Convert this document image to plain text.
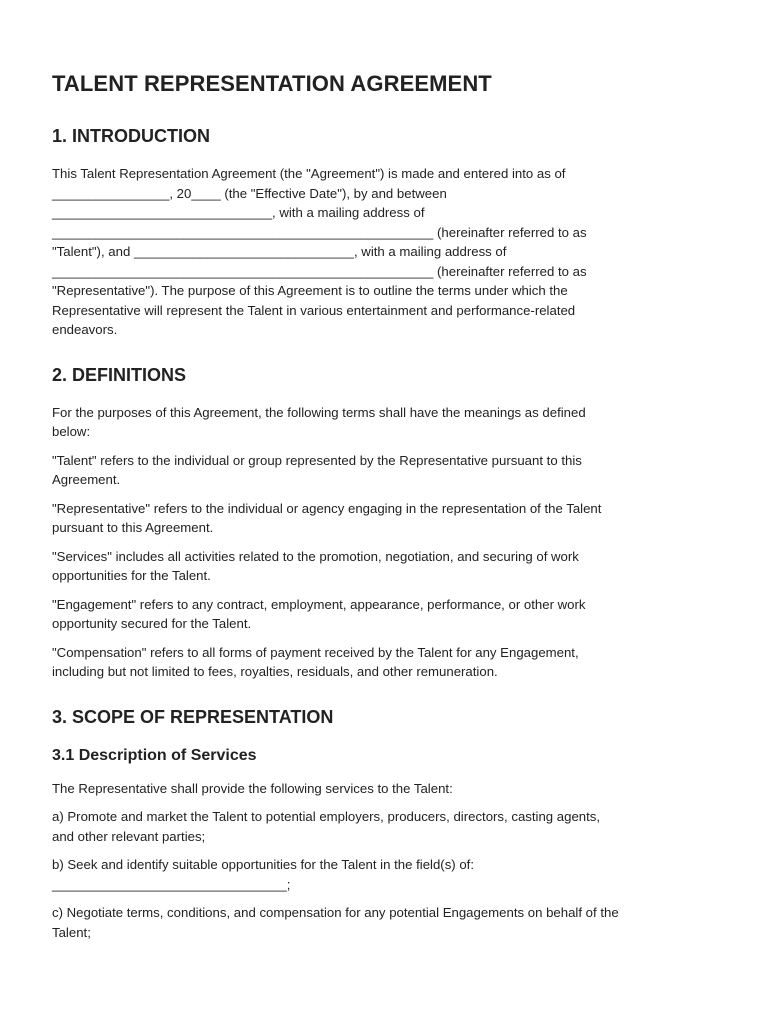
TALENT REPRESENTATION AGREEMENT
1. INTRODUCTION

This Talent Representation Agreement (the "Agreement") is made and entered into as of
________________, 20____ (the "Effective Date"), by and between
______________________________, with a mailing address of
____________________________________________________ (hereinafter referred to as
"Talent"), and ______________________________, with a mailing address of
____________________________________________________ (hereinafter referred to as
"Representative"). The purpose of this Agreement is to outline the terms under which the
Representative will represent the Talent in various entertainment and performance-related
endeavors.

2. DEFINITIONS

For the purposes of this Agreement, the following terms shall have the meanings as defined
below:

"Talent" refers to the individual or group represented by the Representative pursuant to this
Agreement.

"Representative" refers to the individual or agency engaging in the representation of the Talent
pursuant to this Agreement.

"Services" includes all activities related to the promotion, negotiation, and securing of work
opportunities for the Talent.

"Engagement" refers to any contract, employment, appearance, performance, or other work
opportunity secured for the Talent.

"Compensation" refers to all forms of payment received by the Talent for any Engagement,
including but not limited to fees, royalties, residuals, and other remuneration.

3. SCOPE OF REPRESENTATION
3.1 Description of Services

The Representative shall provide the following services to the Talent:

a) Promote and market the Talent to potential employers, producers, directors, casting agents,
and other relevant parties;

b) Seek and identify suitable opportunities for the Talent in the field(s) of:
________________________________;

c) Negotiate terms, conditions, and compensation for any potential Engagements on behalf of the
Talent;
